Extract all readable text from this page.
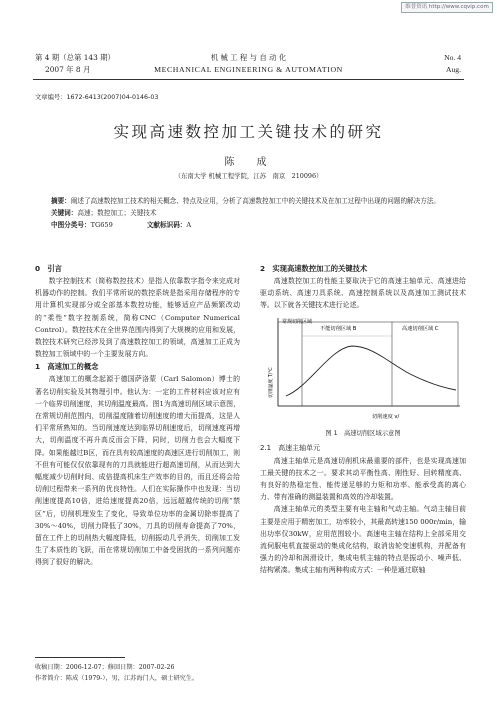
维普资讯 http://www.cqvip.com
第 4 期（总第 143 期）
2007 年 8 月
机 械 工 程 与 自 动 化
MECHANICAL ENGINEERING & AUTOMATION
No. 4
Aug.
文章编号：1672-6413(2007)04-0146-03
实现高速数控加工关键技术的研究
陈　成
（东南大学 机械工程学院，江苏　南京　210096）
摘要：阐述了高速数控加工技术的相关概念、特点及应用，分析了高速数控加工中的关键技术及在加工过程中出现的问题的解决方法。
关键词：高速；数控加工；关键技术
中图分类号：TG659	文献标识码：A
0　引言

数字控制技术（简称数控技术）是指人依靠数字指令来完成对机器动作的控制。我们平常所说的数控系统是指采用存储程序的专用计算机实现部分或全部基本数控功能，能够适应产品频繁改动的“柔性”数字控制系统，简称CNC（Computer Numerical Control）。数控技术在全世界范围内得到了大规模的应用和发展，数控技术研究已经涉及到了高速数控加工的领域，高速加工正成为数控加工领域中的一个主要发展方向。

1　高速加工的概念

高速加工的概念起源于德国萨洛蒙（Carl Salomon）博士的著名切削实验及其物理引申。他认为：一定的工件材料应该对应有一个临界切削速度，其切削温度最高。图1为高速切削区域示意图，在常规切削范围内，切削温度随着切削速度的增大而提高，这是人们平常所熟知的。当切削速度达到临界切削速度后，切削速度再增大，切削温度不再升高反而会下降，同时，切削力也会大幅度下降。如果能越过B区，而在具有较高速度的高速区进行切削加工，则不但有可能仅仅依靠现有的刀具就能进行超高速切削，从而达到大幅度减少切削时间、成倍提高机床生产效率的目的，而且还将会给切削过程带来一系列的优良特性。人们在实际操作中也发现：当切削速度提高10倍，进给速度提高20倍，远远超越传统的切削“禁区”后，切削机理发生了变化，导致单位功率的金属切除率提高了30%～40%，切削力降低了30%，刀具的切削寿命提高了70%，留在工件上的切削热大幅度降低，切削振动几乎消失，切削加工发生了本质性的飞跃，而在常规切削加工中备受困扰的一系列问题亦得到了很好的解决。

2　实现高速数控加工的关键技术

高速数控加工的性能主要取决于它的高速主轴单元、高速进给驱动系统、高速刀具系统、高速控制系统以及高速加工测试技术等。以下就各关键技术进行论述。

常规切削区域
不能切削区域 B	高速切削区域 C
切削温度 T/℃
切削速度 v/
图 1　高速切削区域示意图
2.1　高速主轴单元

高速主轴单元是高速切削机床最重要的部件，也是实现高速加工最关键的技术之一。要求其动平衡性高、刚性好、回转精度高、有良好的热稳定性、能传递足够的力矩和功率、能承受高的离心力、带有准确的测温装置和高效的冷却装置。

高速主轴单元的类型主要有电主轴和气动主轴。气动主轴目前主要是应用于精密加工，功率较小，其最高转速150 000r/min，输出功率仅30kW，应用范围较小。高速电主轴在结构上全部采用交流伺服电机直接驱动的集成化结构，取消齿轮变速机构，并配备有强力的冷却和润滑设计，集成电机主轴的特点是振动小、噪声低、结构紧凑。集成主轴有两种构成方式：一种是通过联轴

收稿日期：2006-12-07；修回日期：2007-02-26
作者简介：陈成（1979-），男，江苏海门人，硕士研究生。
